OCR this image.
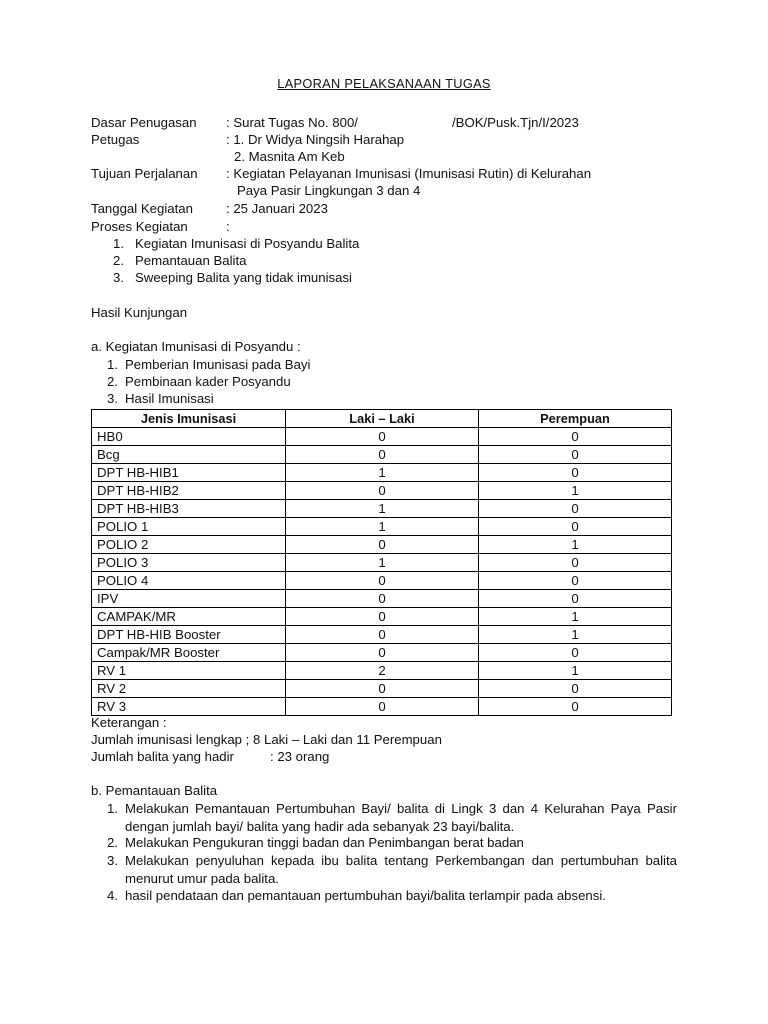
LAPORAN PELAKSANAAN TUGAS
Dasar Penugasan : Surat Tugas No. 800/	/BOK/Pusk.Tjn/I/2023
Petugas	: 1. Dr Widya Ningsih Harahap
2. Masnita Am Keb
Tujuan Perjalanan : Kegiatan Pelayanan Imunisasi (Imunisasi Rutin) di Kelurahan
Paya Pasir Lingkungan 3 dan 4
Tanggal Kegiatan	: 25 Januari 2023
Proses Kegiatan	:
1. Kegiatan Imunisasi di Posyandu Balita
2. Pemantauan Balita
3. Sweeping Balita yang tidak imunisasi
Hasil Kunjungan
a. Kegiatan Imunisasi di Posyandu :
1. Pemberian Imunisasi pada Bayi
2. Pembinaan kader Posyandu
3. Hasil Imunisasi
Jenis Imunisasi	Laki – Laki	Perempuan
HB0	0	0
Bcg	0	0
DPT HB-HIB1	1	0
DPT HB-HIB2	0	1
DPT HB-HIB3	1	0
POLIO 1	1	0
POLIO 2	0	1
POLIO 3	1	0
POLIO 4	0	0
IPV	0	0
CAMPAK/MR	0	1
DPT HB-HIB Booster	0	1
Campak/MR Booster	0	0
RV 1	2	1
RV 2	0	0
RV 3	0	0
Keterangan :
Jumlah imunisasi lengkap ; 8 Laki – Laki dan 11 Perempuan
Jumlah balita yang hadir	: 23 orang
b. Pemantauan Balita
1. Melakukan Pemantauan Pertumbuhan Bayi/ balita di Lingk 3 dan 4 Kelurahan Paya Pasir dengan jumlah bayi/ balita yang hadir ada sebanyak 23 bayi/balita.
2. Melakukan Pengukuran tinggi badan dan Penimbangan berat badan
3. Melakukan penyuluhan kepada ibu balita tentang Perkembangan dan pertumbuhan balita menurut umur pada balita.
4. hasil pendataan dan pemantauan pertumbuhan bayi/balita terlampir pada absensi.
